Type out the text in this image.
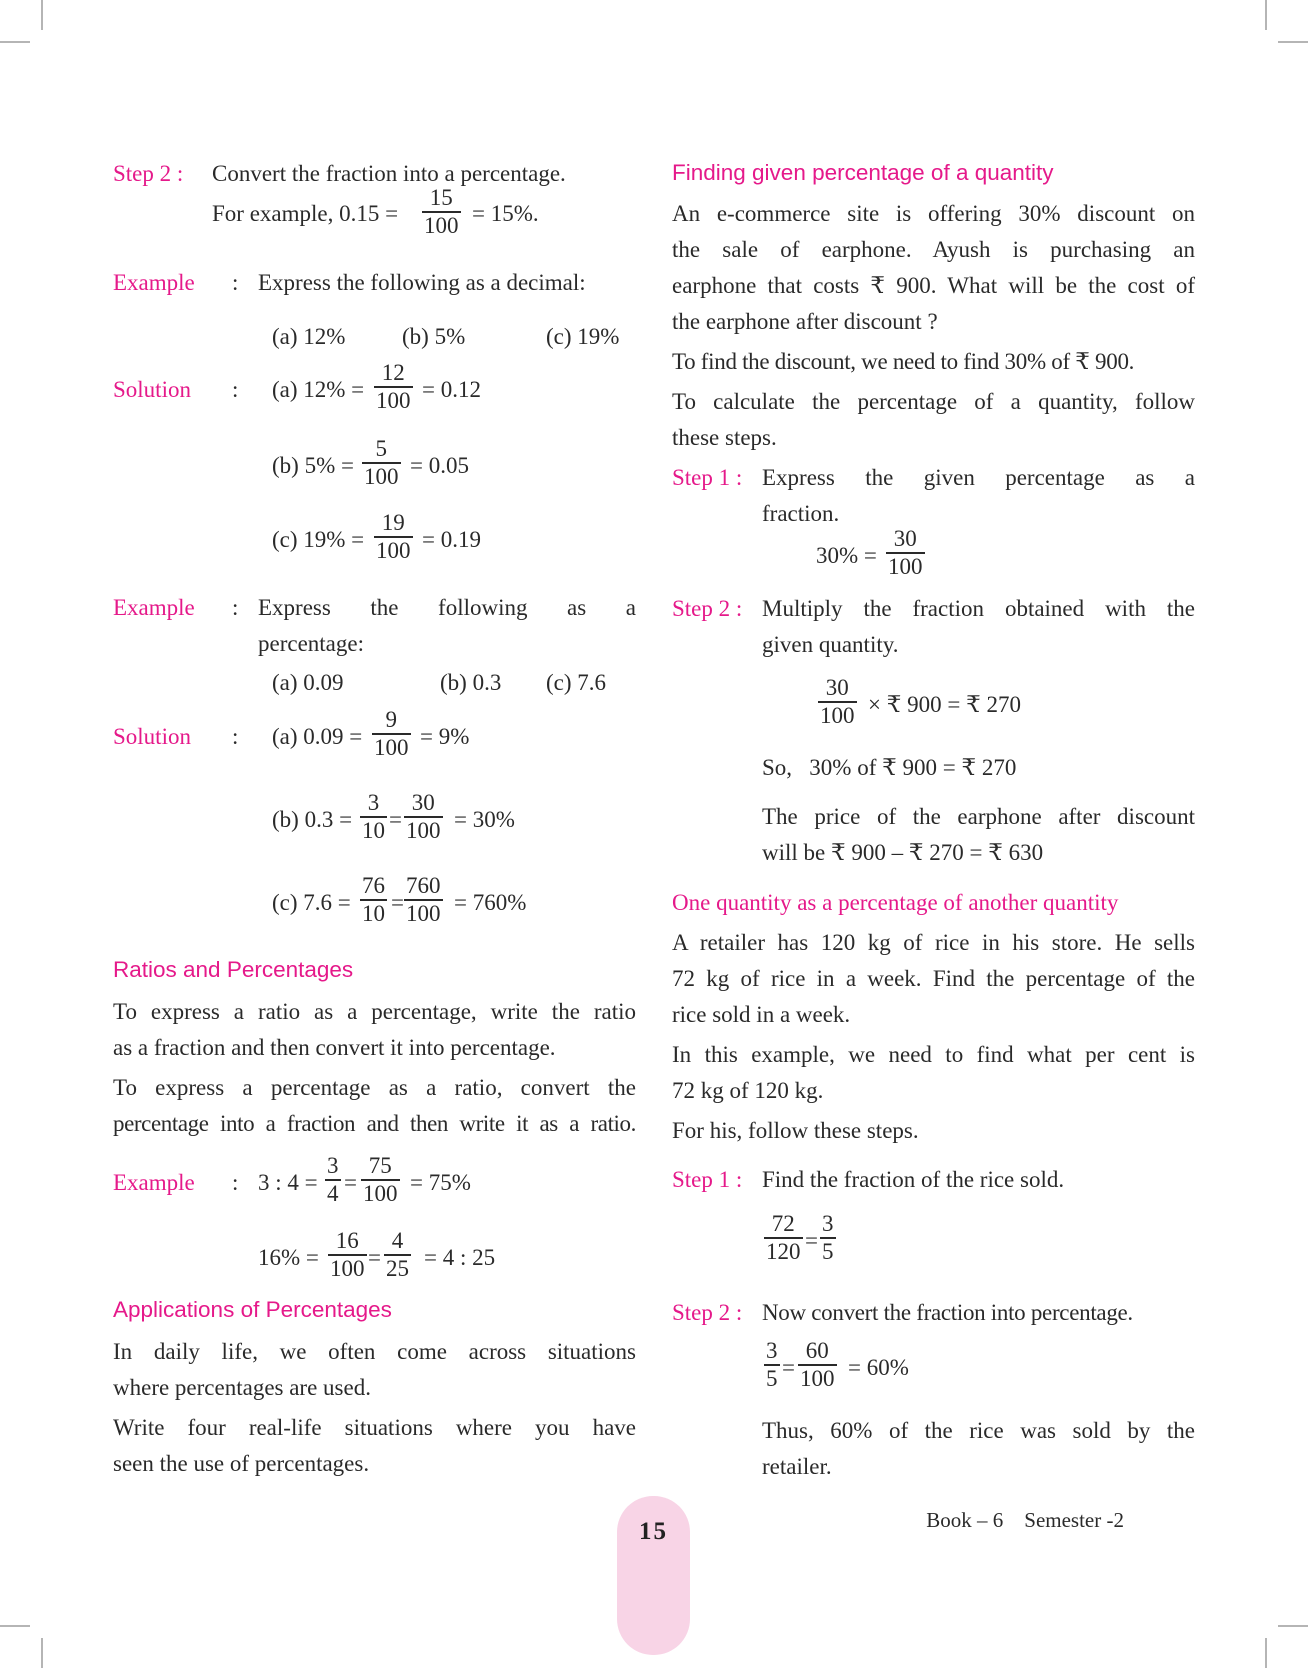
Step 2 : Convert the fraction into a percentage.
For example, 0.15 =
15
100 = 15%.
Example : Express the following as a decimal:
(a) 12% (b) 5%	(c) 19%
Solution : (a) 12% =
12
100 = 0.12
(b) 5% =
5
100 = 0.05
(c) 19% =
19
100 = 0.19
Example : Express the following as a
percentage:
(a) 0.09	(b) 0.3 (c) 7.6
Solution : (a) 0.09 =
9
100 = 9%
(b) 0.3 =
3
10 =
30
100 = 30%
(c) 7.6 =
76
10 =
760
100 = 760%
Ratios and Percentages
To express a ratio as a percentage, write the ratio
as a fraction and then convert it into percentage.
To express a percentage as a ratio, convert the
percentage into a fraction and then write it as a ratio.
Example : 3 : 4 =
3
4 =
75
100 = 75%
16% =
16
100 =
4
25 = 4 : 25
Applications of Percentages
In daily life, we often come across situations
where percentages are used.
Write four real-life situations where you have
seen the use of percentages.
Finding given percentage of a quantity
An e-commerce site is offering 30% discount on
the sale of earphone. Ayush is purchasing an
earphone that costs ₹ 900. What will be the cost of
the earphone after discount ?
To find the discount, we need to find 30% of ₹ 900.
To calculate the percentage of a quantity, follow
these steps.
Step 1 : Express the given percentage as a
fraction.
30% =
30
100
Step 2 : Multiply the fraction obtained with the
given quantity.
30
100 × ₹ 900 = ₹ 270
So,   30% of ₹ 900 = ₹ 270
The price of the earphone after discount
will be ₹ 900 – ₹ 270 = ₹ 630
One quantity as a percentage of another quantity
A retailer has 120 kg of rice in his store. He sells
72 kg of rice in a week. Find the percentage of the
rice sold in a week.
In this example, we need to find what per cent is
72 kg of 120 kg.
For his, follow these steps.
Step 1 : Find the fraction of the rice sold.
72
120 =
3
5
Step 2 : Now convert the fraction into percentage.
3
5 =
60
100 = 60%
Thus, 60% of the rice was sold by the
retailer.
15	Book – 6    Semester -2
